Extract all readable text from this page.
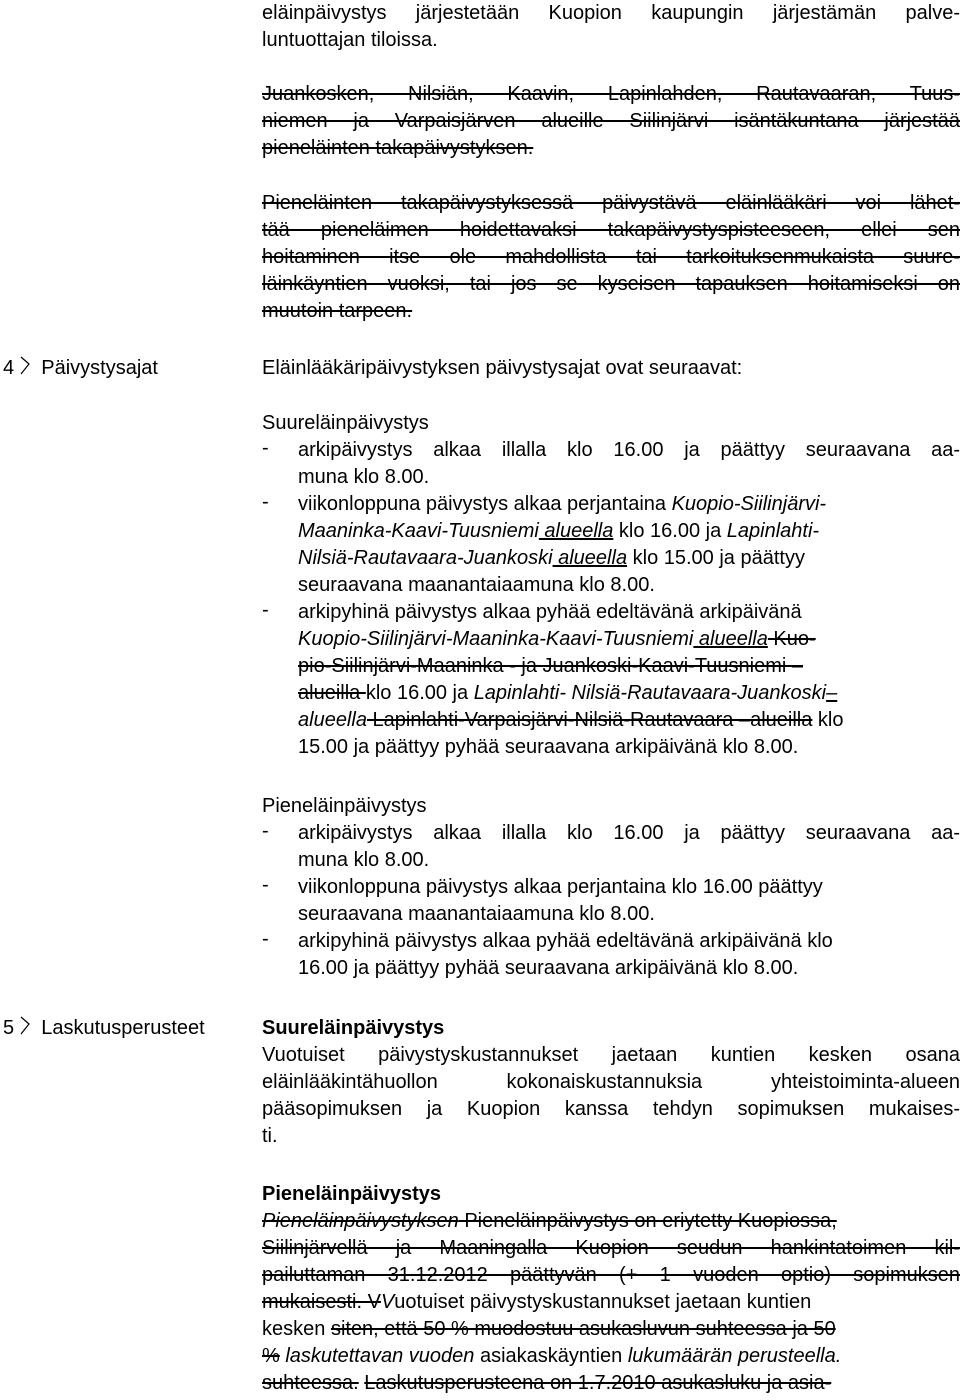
eläinpäivystys järjestetään Kuopion kaupungin järjestämän palve-
luntuottajan tiloissa.
Juankosken, Nilsiän, Kaavin, Lapinlahden, Rautavaaran, Tuus-
niemen ja Varpaisjärven alueille Siilinjärvi isäntäkuntana järjestää
pieneläinten takapäivystyksen.
Pieneläinten takapäivystyksessä päivystävä eläinlääkäri voi lähet-
tää pieneläimen hoidettavaksi takapäivystyspisteeseen, ellei sen
hoitaminen itse ole mahdollista tai tarkoituksenmukaista suure-
läinkäyntien vuoksi, tai jos se kyseisen tapauksen hoitamiseksi on
muutoin tarpeen.
4 Päivystysajat	Eläinlääkäripäivystyksen päivystysajat ovat seuraavat:
Suureläinpäivystys
-	arkipäivystys alkaa illalla klo 16.00 ja päättyy seuraavana aa-
muna klo 8.00.
-	viikonloppuna päivystys alkaa perjantaina Kuopio-Siilinjärvi-
Maaninka-Kaavi-Tuusniemi alueella klo 16.00 ja Lapinlahti-
Nilsiä-Rautavaara-Juankoski alueella klo 15.00 ja päättyy
seuraavana maanantaiaamuna klo 8.00.
-	arkipyhinä päivystys alkaa pyhää edeltävänä arkipäivänä
Kuopio-Siilinjärvi-Maaninka-Kaavi-Tuusniemi alueella Kuo-
pio-Siilinjärvi-Maaninka - ja Juankoski-Kaavi-Tuusniemi –
alueilla klo 16.00 ja Lapinlahti- Nilsiä-Rautavaara-Juankoski–
alueella Lapinlahti-Varpaisjärvi-Nilsiä-Rautavaara –alueilla klo
15.00 ja päättyy pyhää seuraavana arkipäivänä klo 8.00.
Pieneläinpäivystys
-	arkipäivystys alkaa illalla klo 16.00 ja päättyy seuraavana aa-
muna klo 8.00.
-	viikonloppuna päivystys alkaa perjantaina klo 16.00 päättyy
seuraavana maanantaiaamuna klo 8.00.
-	arkipyhinä päivystys alkaa pyhää edeltävänä arkipäivänä klo
16.00 ja päättyy pyhää seuraavana arkipäivänä klo 8.00.
5 Laskutusperusteet	Suureläinpäivystys
Vuotuiset päivystyskustannukset jaetaan kuntien kesken osana
eläinlääkintähuollon kokonaiskustannuksia yhteistoiminta-alueen
pääsopimuksen ja Kuopion kanssa tehdyn sopimuksen mukaises-
ti.
Pieneläinpäivystys
Pieneläinpäivystyksen Pieneläinpäivystys on eriytetty Kuopiossa,
Siilinjärvellä ja Maaningalla Kuopion seudun hankintatoimen kil-
pailuttaman 31.12.2012 päättyvän (+ 1 vuoden optio) sopimuksen
mukaisesti. VVuotuiset päivystyskustannukset jaetaan kuntien
kesken siten, että 50 % muodostuu asukasluvun suhteessa ja 50
% laskutettavan vuoden asiakaskäyntien lukumäärän perusteella.
suhteessa. Laskutusperusteena on 1.7.2010 asukasluku ja asia-
